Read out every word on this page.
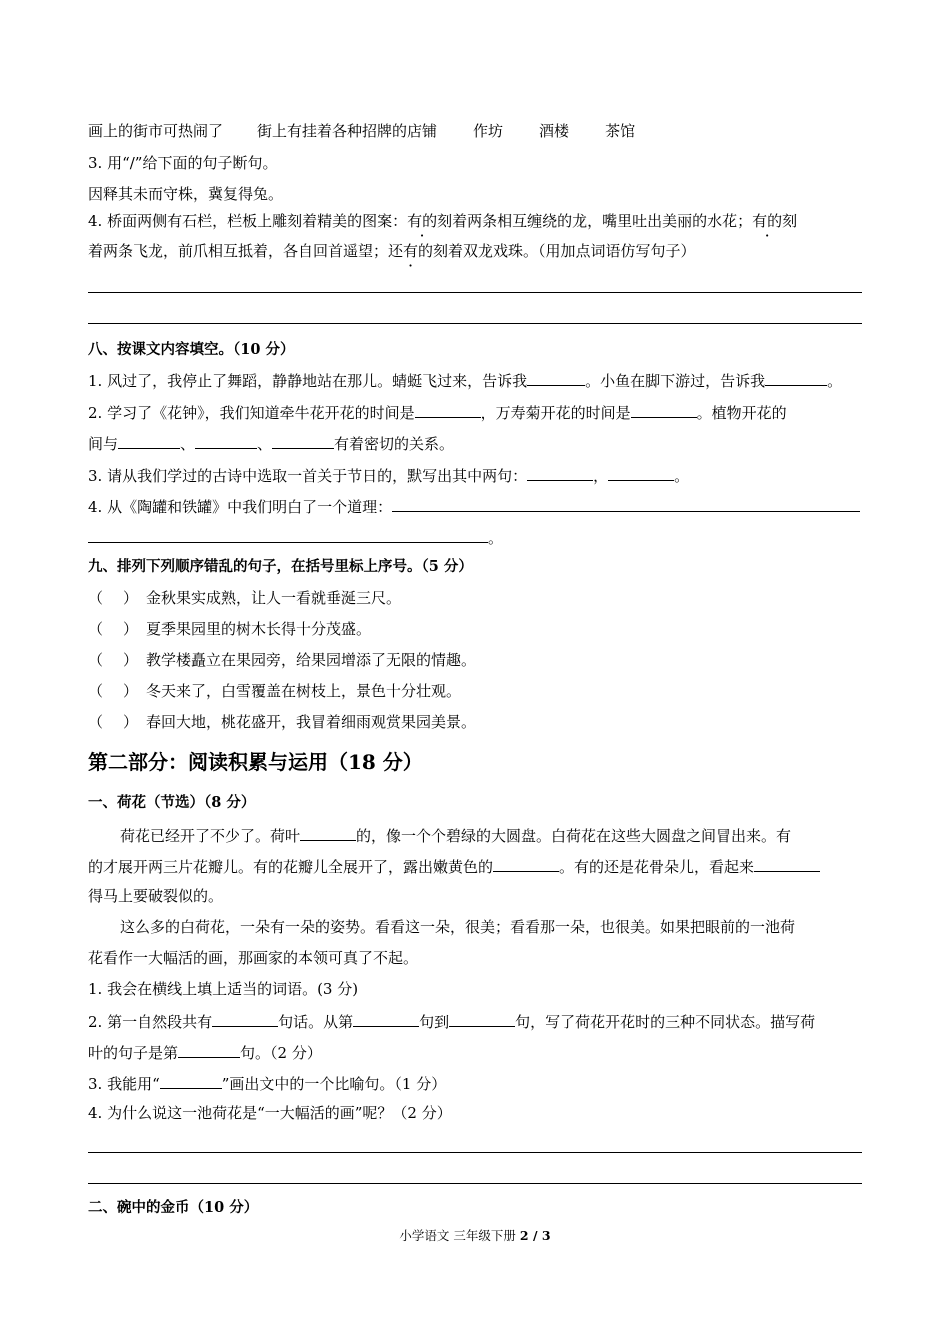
画上的街市可热闹了 街上有挂着各种招牌的店铺 作坊 酒楼 茶馆
3. 用“/”给下面的句子断句。
因释其未而守株，冀复得兔。
4. 桥面两侧有石栏，栏板上雕刻着精美的图案：有的刻着两条相互缠绕的龙，嘴里吐出美丽的水花；有的刻
着两条飞龙，前爪相互抵着，各自回首遥望；还有的刻着双龙戏珠。（用加点词语仿写句子）
八、按课文内容填空。（10 分）
1. 风过了，我停止了舞蹈，静静地站在那儿。蜻蜓飞过来，告诉我	。小鱼在脚下游过，告诉我	。
2. 学习了《花钟》，我们知道牵牛花开花的时间是	，万寿菊开花的时间是	。植物开花的
间与	、	、	有着密切的关系。
3. 请从我们学过的古诗中选取一首关于节日的，默写出其中两句：	，	。
4. 从《陶罐和铁罐》中我们明白了一个道理：
。
九、排列下列顺序错乱的句子，在括号里标上序号。（5 分）
（ ） 金秋果实成熟，让人一看就垂涎三尺。
（ ） 夏季果园里的树木长得十分茂盛。
（ ） 教学楼矗立在果园旁，给果园增添了无限的情趣。
（ ） 冬天来了，白雪覆盖在树枝上，景色十分壮观。
（ ） 春回大地，桃花盛开，我冒着细雨观赏果园美景。
第二部分：阅读积累与运用（18 分）
一、荷花（节选）（8 分）
荷花已经开了不少了。荷叶	的，像一个个碧绿的大圆盘。白荷花在这些大圆盘之间冒出来。有
的才展开两三片花瓣儿。有的花瓣儿全展开了，露出嫩黄色的	。有的还是花骨朵儿，看起来
得马上要破裂似的。
这么多的白荷花，一朵有一朵的姿势。看看这一朵，很美；看看那一朵，也很美。如果把眼前的一池荷
花看作一大幅活的画，那画家的本领可真了不起。
1. 我会在横线上填上适当的词语。(3 分)
2. 第一自然段共有	句话。从第	句到	句，写了荷花开花时的三种不同状态。描写荷
叶的句子是第	句。（2 分）
3. 我能用“	”画出文中的一个比喻句。（1 分）
4. 为什么说这一池荷花是“一大幅活的画”呢？（2 分）
二、碗中的金币（10 分）
小学语文 三年级下册 2 / 3
